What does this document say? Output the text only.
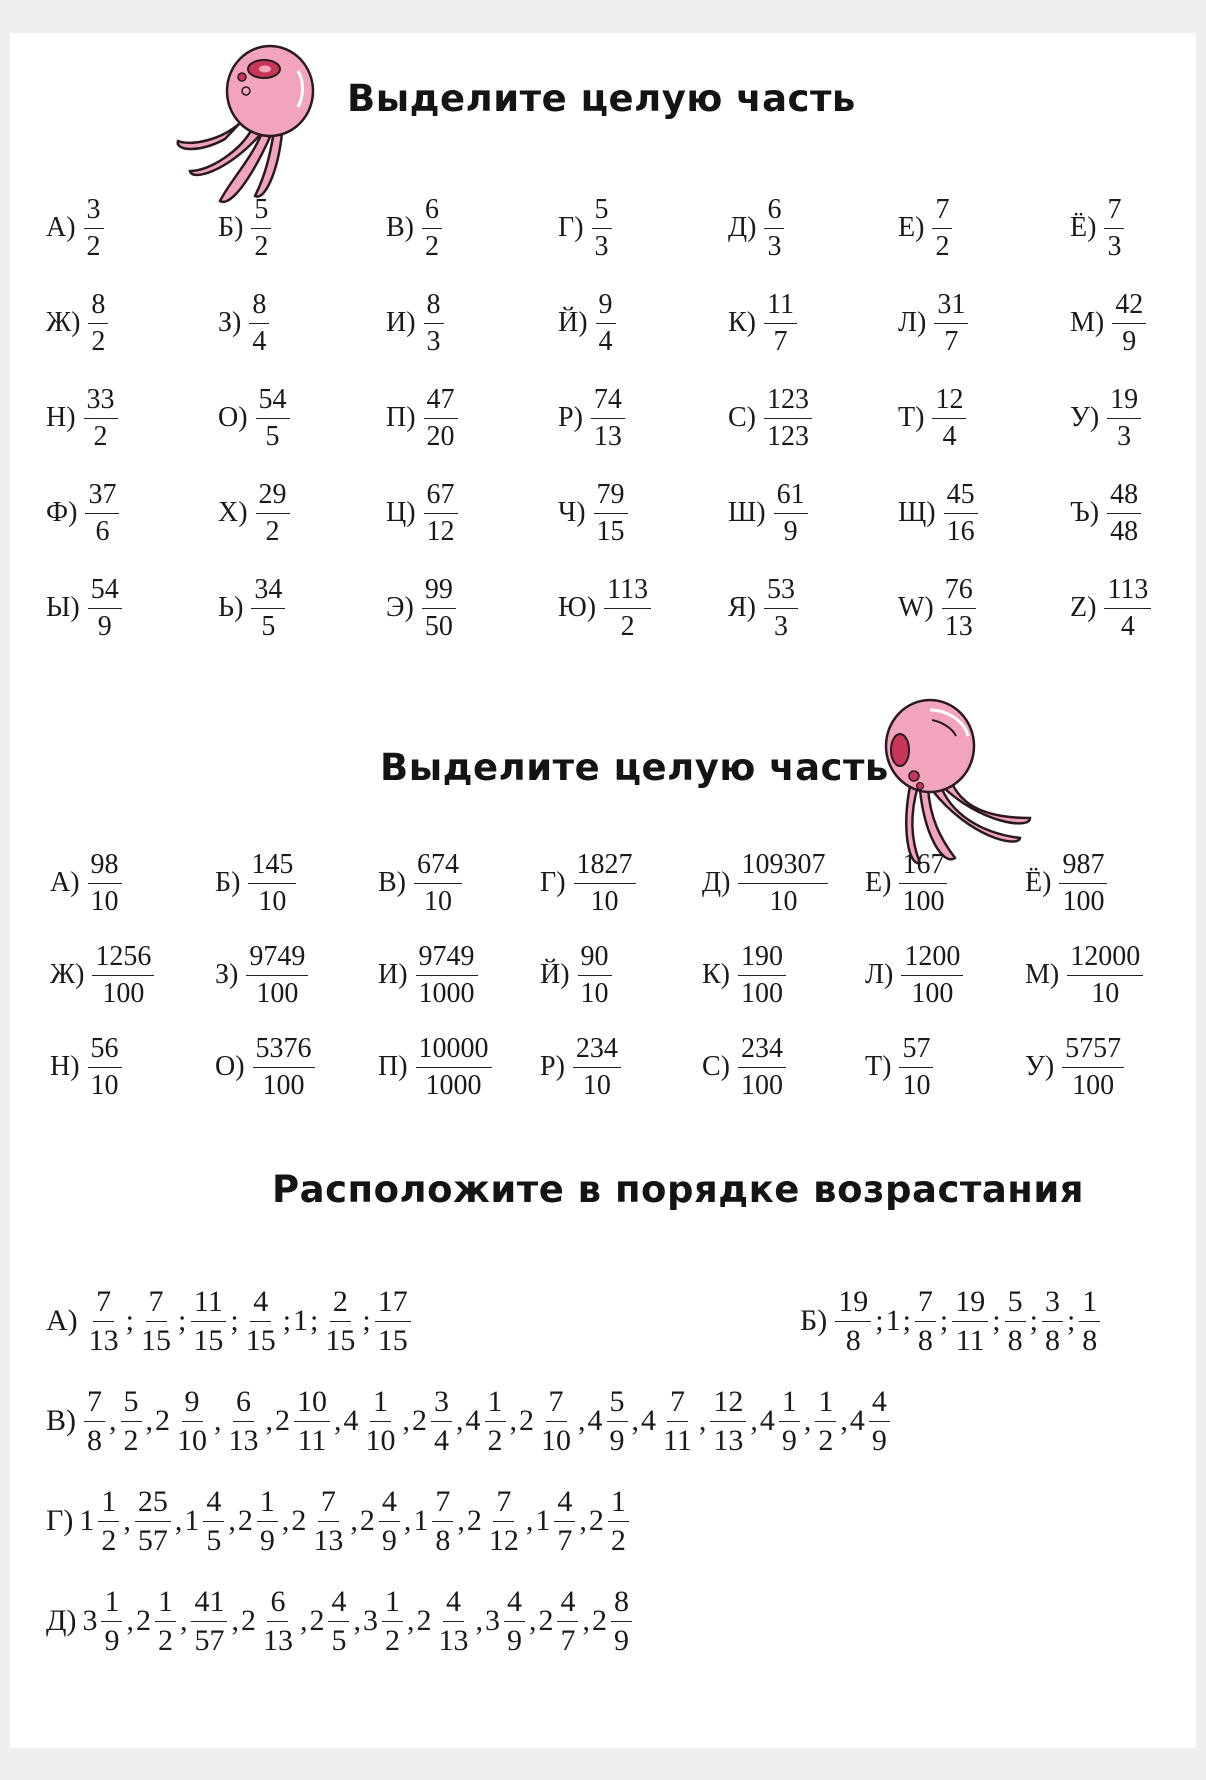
Выделите целую часть
$А) \frac{3}{2}$	$Б) \frac{5}{2}$	$В) \frac{6}{2}$	$Г) \frac{5}{3}$	$Д) \frac{6}{3}$	$Е) \frac{7}{2}$	$Ё) \frac{7}{3}$
$Ж) \frac{8}{2}$	$З) \frac{8}{4}$	$И) \frac{8}{3}$	$Й) \frac{9}{4}$	$К) \frac{11}{7}$	$Л) \frac{31}{7}$	$М) \frac{42}{9}$
$Н) \frac{33}{2}$	$О) \frac{54}{5}$	$П) \frac{47}{20}$	$Р) \frac{74}{13}$	$С) \frac{123}{123}$	$Т) \frac{12}{4}$	$У) \frac{19}{3}$
$Ф) \frac{37}{6}$	$Х) \frac{29}{2}$	$Ц) \frac{67}{12}$	$Ч) \frac{79}{15}$	$Ш) \frac{61}{9}$	$Щ) \frac{45}{16}$	$Ъ) \frac{48}{48}$
$Ы) \frac{54}{9}$	$Ь) \frac{34}{5}$	$Э) \frac{99}{50}$	$Ю) \frac{113}{2}$	$Я) \frac{53}{3}$	$W) \frac{76}{13}$	$Z) \frac{113}{4}$
Выделите целую часть
$А) \frac{98}{10}$	$Б) \frac{145}{10}$	$В) \frac{674}{10}$	$Г) \frac{1827}{10} Д) \frac{109307}{10} Е) \frac{167}{100}$	$Ё) \frac{987}{100}$
$Ж) \frac{1256}{100} З) \frac{9749}{100} И) \frac{9749}{1000} Й) \frac{90}{10}$	$К) \frac{190}{100}$	$Л) \frac{1200}{100} М) \frac{12000}{10}$
$Н) \frac{56}{10}$	$О) \frac{5376}{100} П) \frac{10000}{1000} Р) \frac{234}{10}$	$С) \frac{234}{100}$	$Т) \frac{57}{10}$	$У) \frac{5757}{100}$
Расположите в порядке возрастания
$А) \frac{7}{13}$ ; $\frac{7}{15}$ ; $\frac{11}{15}$ ; $\frac{4}{15}$ ; 1 ; $\frac{2}{15}$ ; $\frac{17}{15}$	$Б) \frac{19}{8}$ ; 1 ; $\frac{7}{8}$ ; $\frac{19}{11}$ ; $\frac{5}{8}$ ; $\frac{3}{8}$ ; $\frac{1}{8}$
$В) \frac{7}{8}$ , $\frac{5}{2}$ , $2 \frac{9}{10}$ , $\frac{6}{13}$ , $2 \frac{10}{11}$ , $4 \frac{1}{10}$ , $2 \frac{3}{4}$ , $4 \frac{1}{2}$ , $2 \frac{7}{10}$ , $4 \frac{5}{9}$ , $4 \frac{7}{11}$ , $\frac{12}{13}$ , $4 \frac{1}{9}$ , $\frac{1}{2}$ , $4 \frac{4}{9}$
Г) $1 \frac{1}{2}$ , $\frac{25}{57}$ , $1 \frac{4}{5}$ , $2 \frac{1}{9}$ , $2 \frac{7}{13}$ , $2 \frac{4}{9}$ , $1 \frac{7}{8}$ , $2 \frac{7}{12}$ , $1 \frac{4}{7}$ , $2 \frac{1}{2}$
Д) $3 \frac{1}{9}$ , $2 \frac{1}{2}$ , $\frac{41}{57}$ , $2 \frac{6}{13}$ , $2 \frac{4}{5}$ , $3 \frac{1}{2}$ , $2 \frac{4}{13}$ , $3 \frac{4}{9}$ , $2 \frac{4}{7}$ , $2 \frac{8}{9}$
